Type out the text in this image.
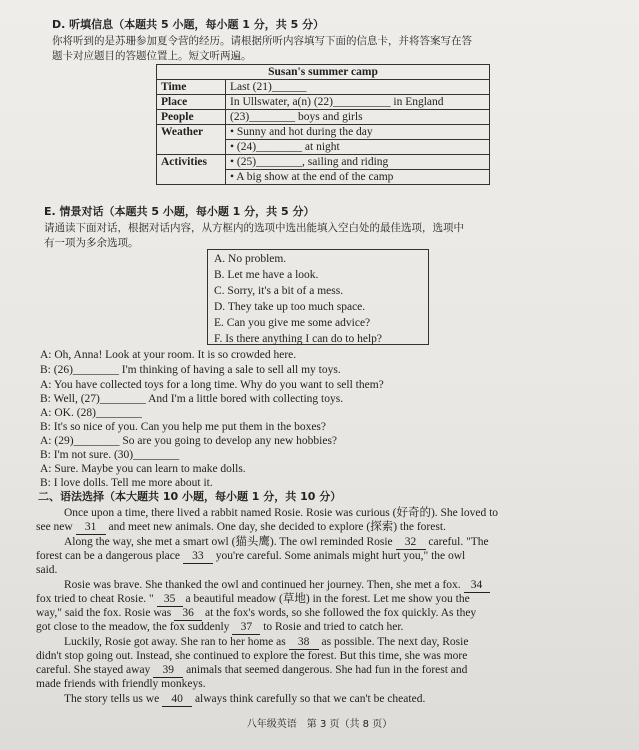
D. 听填信息（本题共 5 小题，每小题 1 分，共 5 分）
你将听到的是苏珊参加夏令营的经历。请根据所听内容填写下面的信息卡，并将答案写在答
题卡对应题目的答题位置上。短文听两遍。
Susan's summer camp	
Time	Last (21)______
Place	In Ullswater, a(n) (22)__________ in England
People	(23)________ boys and girls
Weather	• Sunny and hot during the day
	• (24)________ at night
Activities	• (25)________, sailing and riding
	• A big show at the end of the camp
E. 情景对话（本题共 5 小题，每小题 1 分，共 5 分）
请通读下面对话，根据对话内容，从方框内的选项中选出能填入空白处的最佳选项，选项中
有一项为多余选项。
A. No problem.
B. Let me have a look.
C. Sorry, it's a bit of a mess.
D. They take up too much space.
E. Can you give me some advice?
F. Is there anything I can do to help?
A: Oh, Anna! Look at your room. It is so crowded here.
B: (26)________ I'm thinking of having a sale to sell all my toys.
A: You have collected toys for a long time. Why do you want to sell them?
B: Well, (27)________ And I'm a little bored with collecting toys.
A: OK. (28)________
B: It's so nice of you. Can you help me put them in the boxes?
A: (29)________ So are you going to develop any new hobbies?
B: I'm not sure. (30)________
A: Sure. Maybe you can learn to make dolls.
B: I love dolls. Tell me more about it.
二、语法选择（本大题共 10 小题，每小题 1 分，共 10 分）
Once upon a time, there lived a rabbit named Rosie. Rosie was curious (好奇的). She loved to
see new 31 and meet new animals. One day, she decided to explore (探索) the forest.
Along the way, she met a smart owl (猫头鹰). The owl reminded Rosie 32 careful. "The
forest can be a dangerous place 33 you're careful. Some animals might hurt you," the owl
said.
Rosie was brave. She thanked the owl and continued her journey. Then, she met a fox. 34
fox tried to cheat Rosie. " 35 a beautiful meadow (草地) in the forest. Let me show you the
way," said the fox. Rosie was 36 at the fox's words, so she followed the fox quickly. As they
got close to the meadow, the fox suddenly 37 to Rosie and tried to catch her.
Luckily, Rosie got away. She ran to her home as 38 as possible. The next day, Rosie
didn't stop going out. Instead, she continued to explore the forest. But this time, she was more
careful. She stayed away 39 animals that seemed dangerous. She had fun in the forest and
made friends with friendly monkeys.
The story tells us we 40 always think carefully so that we can't be cheated.
八年级英语　第 3 页（共 8 页）
